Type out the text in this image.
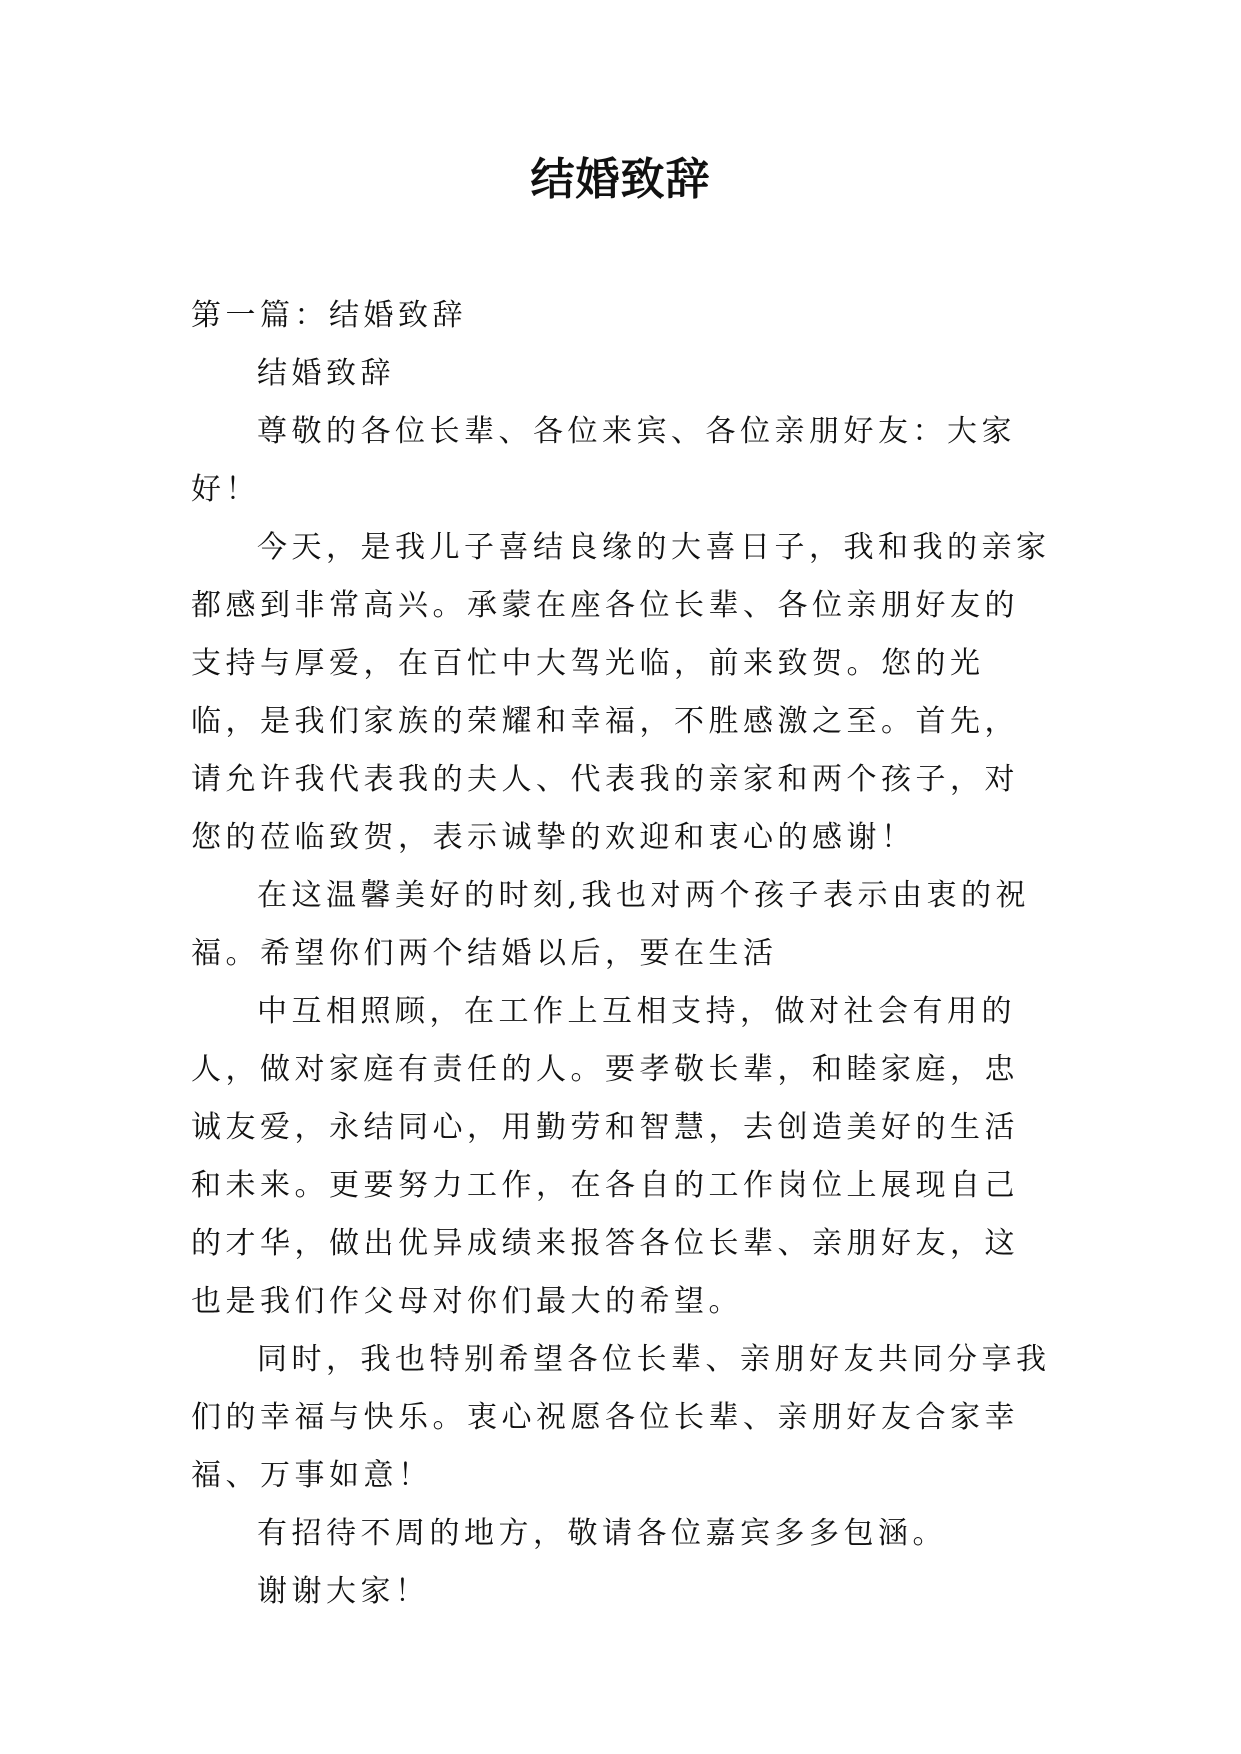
结婚致辞

第一篇：结婚致辞

结婚致辞

尊敬的各位长辈、各位来宾、各位亲朋好友：大家好！

今天，是我儿子喜结良缘的大喜日子，我和我的亲家都感到非常高兴。承蒙在座各位长辈、各位亲朋好友的支持与厚爱，在百忙中大驾光临，前来致贺。您的光临，是我们家族的荣耀和幸福，不胜感激之至。首先，请允许我代表我的夫人、代表我的亲家和两个孩子，对您的莅临致贺，表示诚挚的欢迎和衷心的感谢！

在这温馨美好的时刻,我也对两个孩子表示由衷的祝福。希望你们两个结婚以后，要在生活

中互相照顾，在工作上互相支持，做对社会有用的人，做对家庭有责任的人。要孝敬长辈，和睦家庭，忠诚友爱，永结同心，用勤劳和智慧，去创造美好的生活和未来。更要努力工作，在各自的工作岗位上展现自己的才华，做出优异成绩来报答各位长辈、亲朋好友，这也是我们作父母对你们最大的希望。

同时，我也特别希望各位长辈、亲朋好友共同分享我们的幸福与快乐。衷心祝愿各位长辈、亲朋好友合家幸福、万事如意！

有招待不周的地方，敬请各位嘉宾多多包涵。

谢谢大家！
